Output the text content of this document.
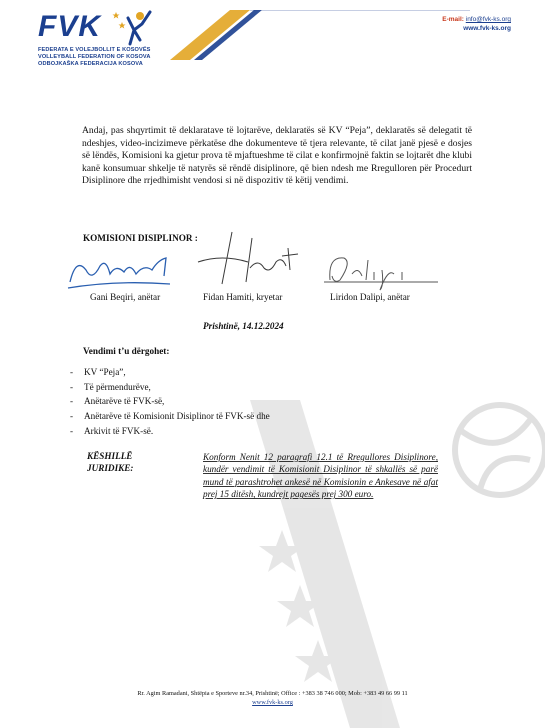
FVK
FEDERATA E VOLEJBOLLIT E KOSOVËS
VOLLEYBALL FEDERATION OF KOSOVA
ODBOJKAŠKA FEDERACIJA KOSOVA
E-mail: info@fvk-ks.org
www.fvk-ks.org
Andaj, pas shqyrtimit të deklaratave të lojtarëve, deklaratës së KV “Peja”, deklaratës së delegatit të ndeshjes, video-incizimeve përkatëse dhe dokumenteve të tjera relevante, të cilat janë pjesë e dosjes së lëndës, Komisioni ka gjetur prova të mjaftueshme të cilat e konfirmojnë faktin se lojtarët dhe klubi kanë konsumuar shkelje të natyrës së rëndë disiplinore, që bien ndesh me Rregulloren për Procedurt Disiplinore dhe rrjedhimisht vendosi si në dispozitiv të këtij vendimi.
KOMISIONI DISIPLINOR :
Gani Beqiri, anëtar	Fidan Hamiti, kryetar	Liridon Dalipi, anëtar
Prishtinë, 14.12.2024
Vendimi t’u dërgohet:
- KV “Peja”,
- Të përmendurëve,
- Anëtarëve të FVK-së,
- Anëtarëve të Komisionit Disiplinor të FVK-së dhe
- Arkivit të FVK-së.
KËSHILLË
JURIDIKE:
Konform Nenit 12 paragrafi 12.1 të Rregullores Disiplinore, kundër vendimit të Komisionit Disiplinor të shkallës së parë mund të parashtrohet ankesë në Komisionin e Ankesave në afat prej 15 ditësh, kundrejt pagesës prej 300 euro.
Rr. Agim Ramadani, Shtëpia e Sporteve nr.34, Prishtinë; Office : +383 38 746 000; Mob: +383 49 66 99 11
www.fvk-ks.org
